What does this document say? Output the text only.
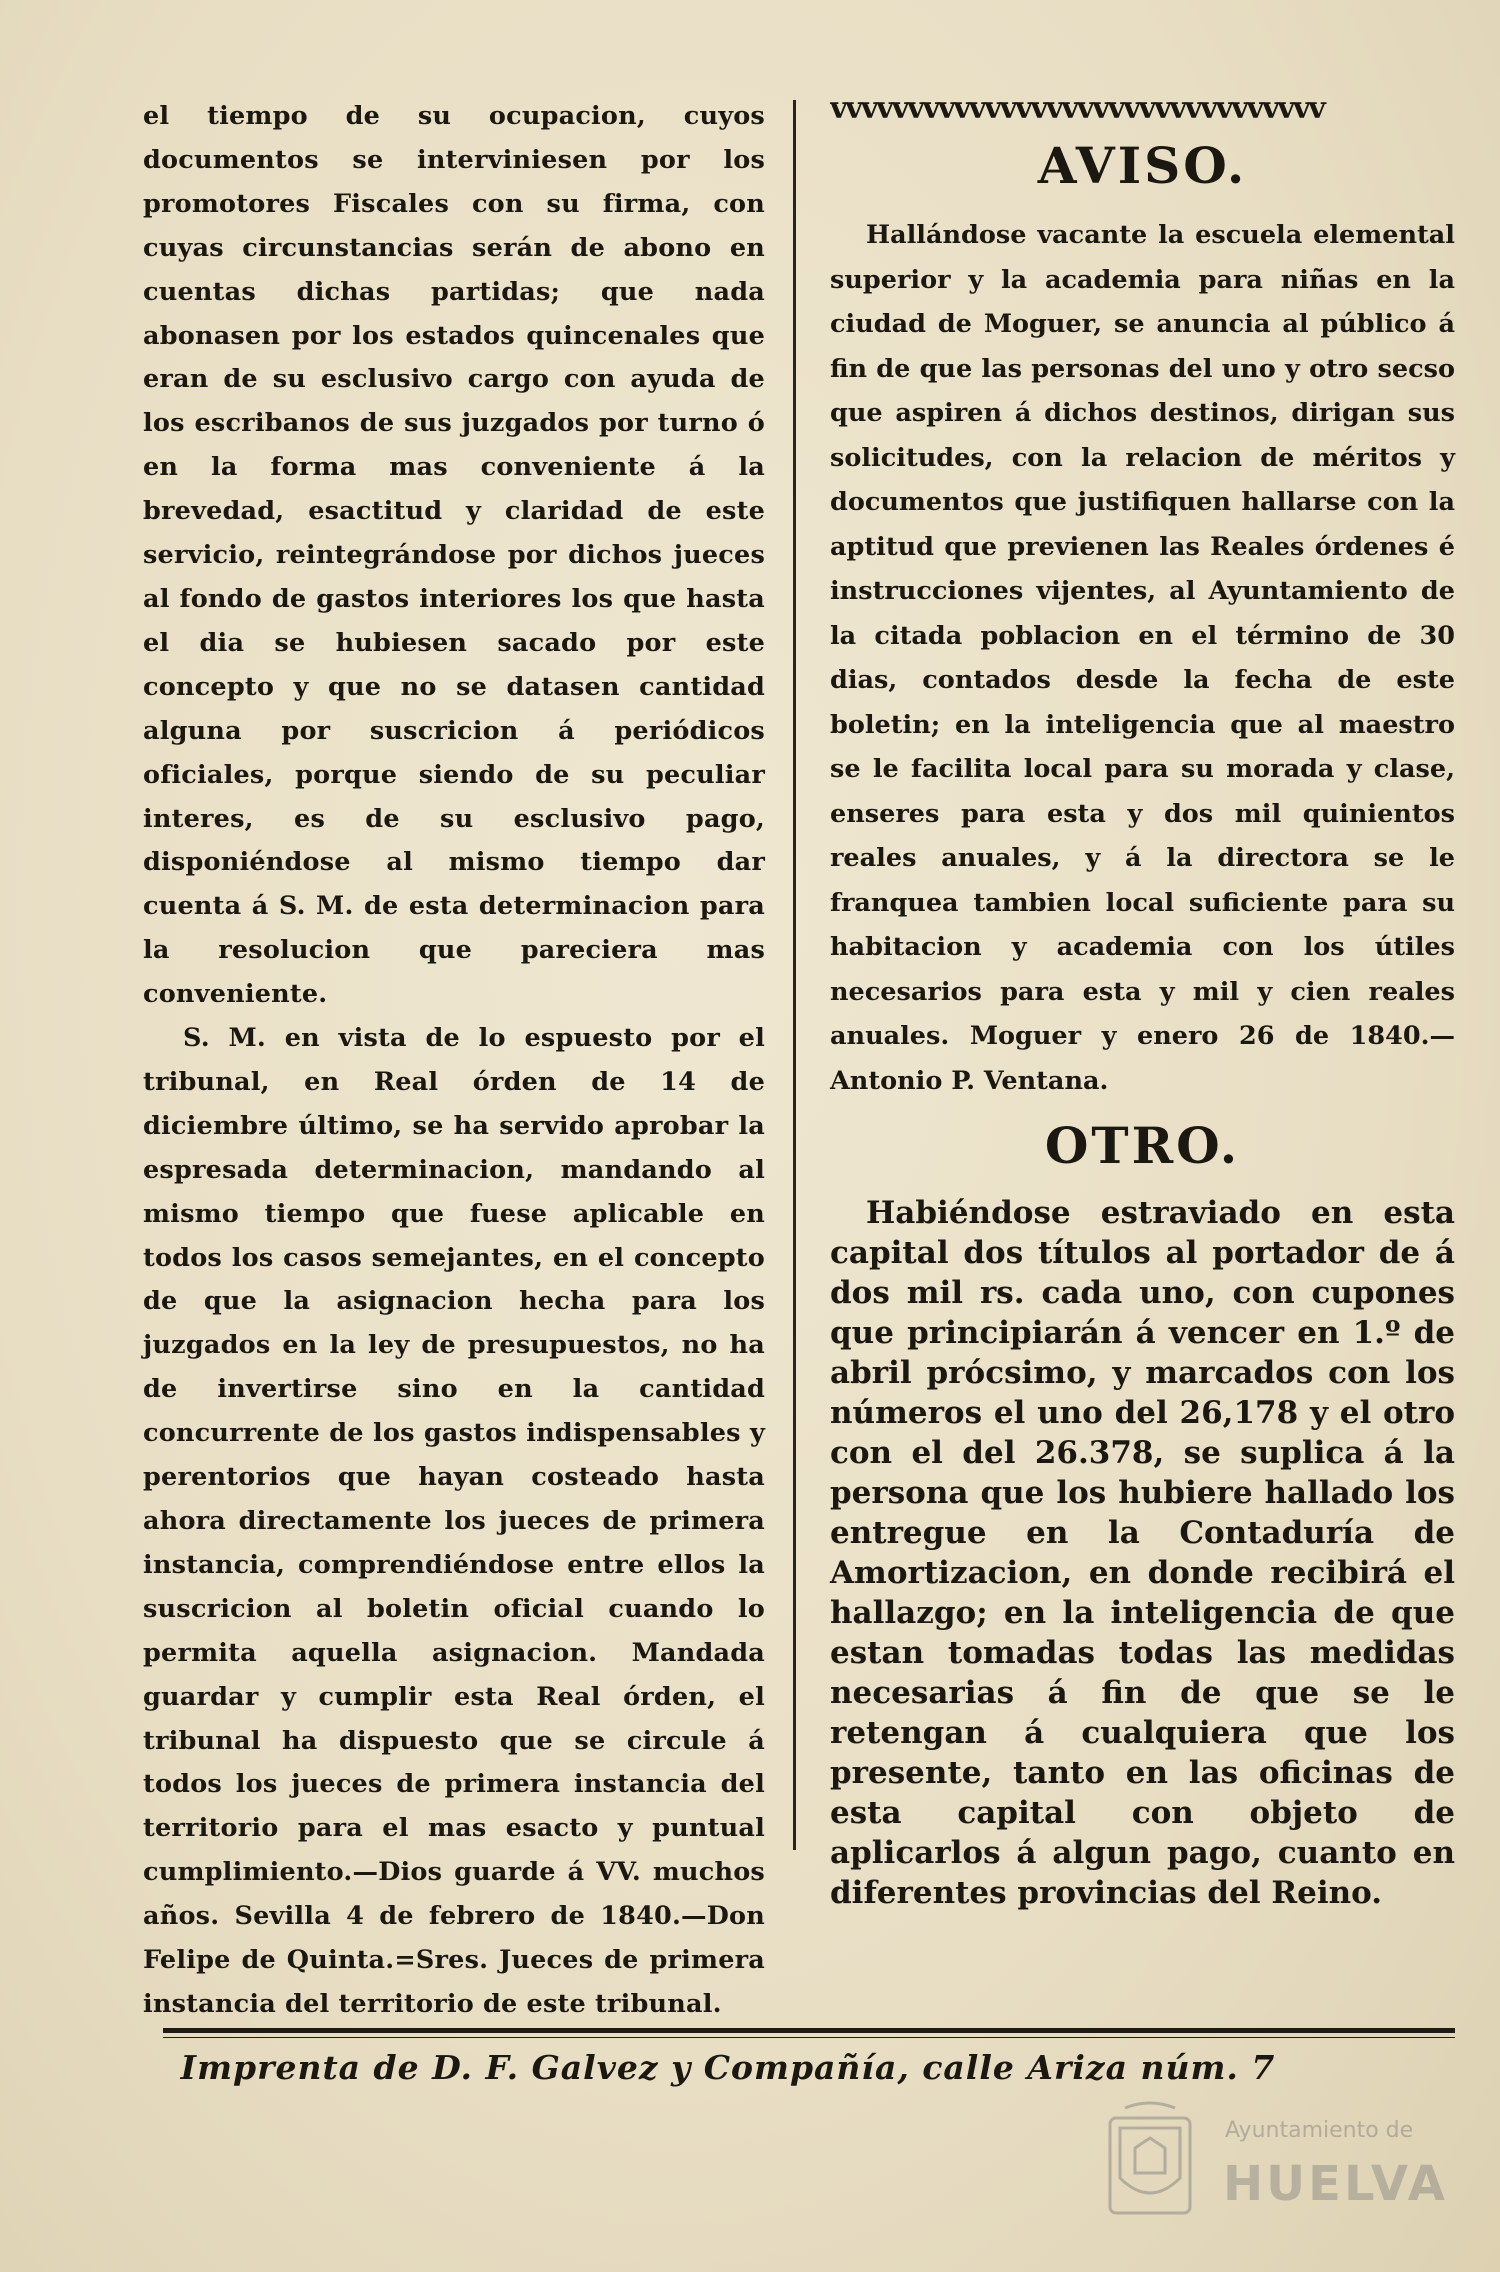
el tiempo de su ocupacion, cuyos documentos se interviniesen por los promotores Fiscales con su firma, con cuyas circunstancias serán de abono en cuentas dichas partidas; que nada abonasen por los estados quincenales que eran de su esclusivo cargo con ayuda de los escribanos de sus juzgados por turno ó en la forma mas conveniente á la brevedad, esactitud y claridad de este servicio, reintegrándose por dichos jueces al fondo de gastos interiores los que hasta el dia se hubiesen sacado por este concepto y que no se datasen cantidad alguna por suscricion á periódicos oficiales, porque siendo de su peculiar interes, es de su esclusivo pago, disponiéndose al mismo tiempo dar cuenta á S. M. de esta determinacion para la resolucion que pareciera mas conveniente.

S. M. en vista de lo espuesto por el tribunal, en Real órden de 14 de diciembre último, se ha servido aprobar la espresada determinacion, mandando al mismo tiempo que fuese aplicable en todos los casos semejantes, en el concepto de que la asignacion hecha para los juzgados en la ley de presupuestos, no ha de invertirse sino en la cantidad concurrente de los gastos indispensables y perentorios que hayan costeado hasta ahora directamente los jueces de primera instancia, comprendiéndose entre ellos la suscricion al boletin oficial cuando lo permita aquella asignacion. Mandada guardar y cumplir esta Real órden, el tribunal ha dispuesto que se circule á todos los jueces de primera instancia del territorio para el mas esacto y puntual cumplimiento.—Dios guarde á VV. muchos años. Sevilla 4 de febrero de 1840.—Don Felipe de Quinta.=Sres. Jueces de primera instancia del territorio de este tribunal.

vvvvvvvvvvvvvvvvvvvvvvvvvvvvvvvv
AVISO.

Hallándose vacante la escuela elemental superior y la academia para niñas en la ciudad de Moguer, se anuncia al público á fin de que las personas del uno y otro secso que aspiren á dichos destinos, dirigan sus solicitudes, con la relacion de méritos y documentos que justifiquen hallarse con la aptitud que previenen las Reales órdenes é instrucciones vijentes, al Ayuntamiento de la citada poblacion en el término de 30 dias, contados desde la fecha de este boletin; en la inteligencia que al maestro se le facilita local para su morada y clase, enseres para esta y dos mil quinientos reales anuales, y á la directora se le franquea tambien local suficiente para su habitacion y academia con los útiles necesarios para esta y mil y cien reales anuales. Moguer y enero 26 de 1840.—Antonio P. Ventana.

OTRO.

Habiéndose estraviado en esta capital dos títulos al portador de á dos mil rs. cada uno, con cupones que principiarán á vencer en 1.º de abril prócsimo, y marcados con los números el uno del 26,178 y el otro con el del 26.378, se suplica á la persona que los hubiere hallado los entregue en la Contaduría de Amortizacion, en donde recibirá el hallazgo; en la inteligencia de que estan tomadas todas las medidas necesarias á fin de que se le retengan á cualquiera que los presente, tanto en las oficinas de esta capital con objeto de aplicarlos á algun pago, cuanto en diferentes provincias del Reino.

Imprenta de D. F. Galvez y Compañía, calle Ariza núm. 7
Ayuntamiento de
HUELVA
